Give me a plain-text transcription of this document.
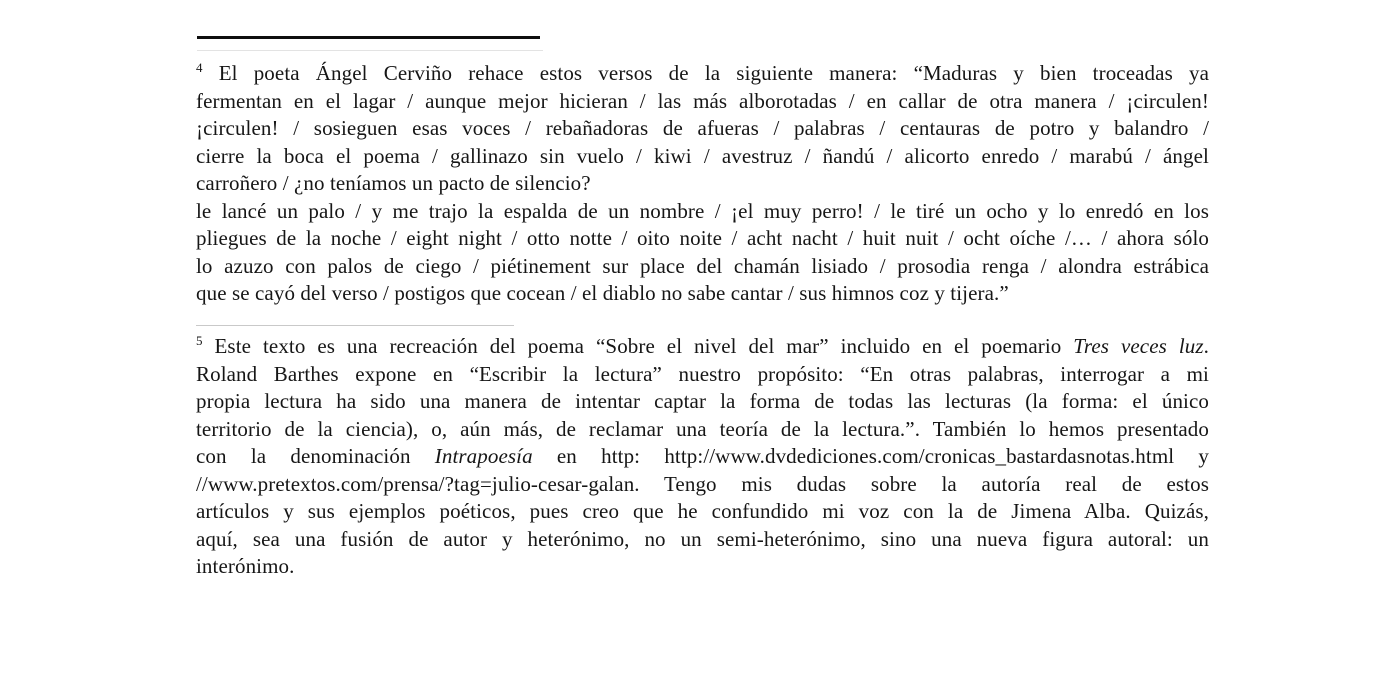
$^4$ El poeta Ángel Cerviño rehace estos versos de la siguiente manera: “Maduras y bien troceadas ya
fermentan en el lagar / aunque mejor hicieran / las más alborotadas / en callar de otra manera / ¡circulen!
¡circulen! / sosieguen esas voces / rebañadoras de afueras / palabras / centauras de potro y balandro /
cierre la boca el poema / gallinazo sin vuelo / kiwi / avestruz / ñandú / alicorto enredo / marabú / ángel
carroñero / ¿no teníamos un pacto de silencio?
le lancé un palo / y me trajo la espalda de un nombre / ¡el muy perro! / le tiré un ocho y lo enredó en los
pliegues de la noche / eight night / otto notte / oito noite / acht nacht / huit nuit / ocht oíche /… / ahora sólo
lo azuzo con palos de ciego / piétinement sur place del chamán lisiado / prosodia renga / alondra estrábica
que se cayó del verso / postigos que cocean / el diablo no sabe cantar / sus himnos coz y tijera.”
$^5$ Este texto es una recreación del poema “Sobre el nivel del mar” incluido en el poemario Tres veces luz.
Roland Barthes expone en “Escribir la lectura” nuestro propósito: “En otras palabras, interrogar a mi
propia lectura ha sido una manera de intentar captar la forma de todas las lecturas (la forma: el único
territorio de la ciencia), o, aún más, de reclamar una teoría de la lectura.”. También lo hemos presentado
con la denominación Intrapoesía en http: http://www.dvdediciones.com/cronicas_bastardasnotas.html y
//www.pretextos.com/prensa/?tag=julio-cesar-galan. Tengo mis dudas sobre la autoría real de estos
artículos y sus ejemplos poéticos, pues creo que he confundido mi voz con la de Jimena Alba. Quizás,
aquí, sea una fusión de autor y heterónimo, no un semi-heterónimo, sino una nueva figura autoral: un
interónimo.
